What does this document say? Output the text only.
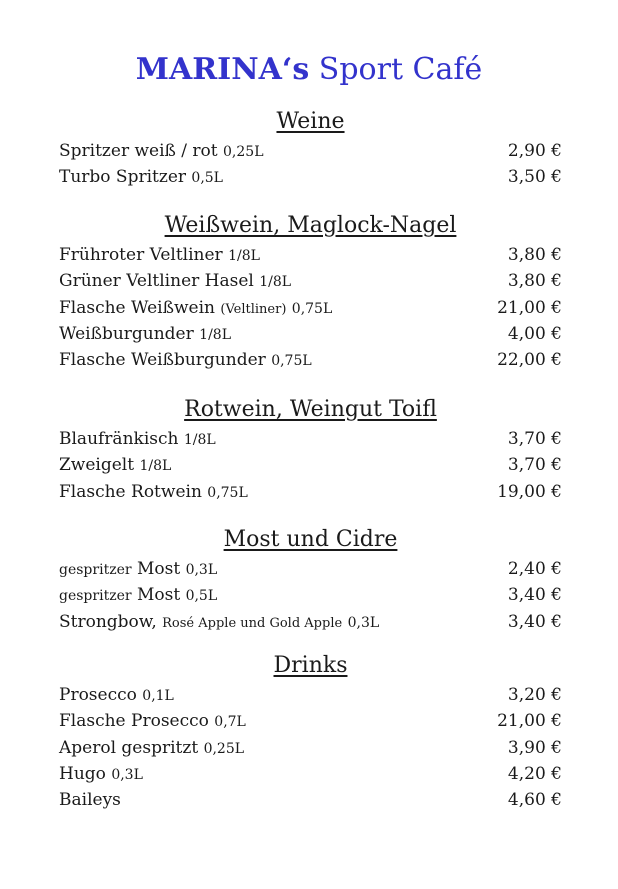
MARINA‘s Sport Café
Weine
Spritzer weiß / rot 0,25L	2,90 €
Turbo Spritzer 0,5L	3,50 €
Weißwein, Maglock-Nagel
Frühroter Veltliner 1/8L	3,80 €
Grüner Veltliner Hasel 1/8L	3,80 €
Flasche Weißwein (Veltliner) 0,75L	21,00 €
Weißburgunder 1/8L	4,00 €
Flasche Weißburgunder 0,75L	22,00 €
Rotwein, Weingut Toifl
Blaufränkisch 1/8L	3,70 €
Zweigelt 1/8L	3,70 €
Flasche Rotwein 0,75L	19,00 €
Most und Cidre
gespritzer Most 0,3L	2,40 €
gespritzer Most 0,5L	3,40 €
Strongbow, Rosé Apple und Gold Apple 0,3L	3,40 €
Drinks
Prosecco 0,1L	3,20 €
Flasche Prosecco 0,7L	21,00 €
Aperol gespritzt 0,25L	3,90 €
Hugo 0,3L	4,20 €
Baileys	4,60 €
